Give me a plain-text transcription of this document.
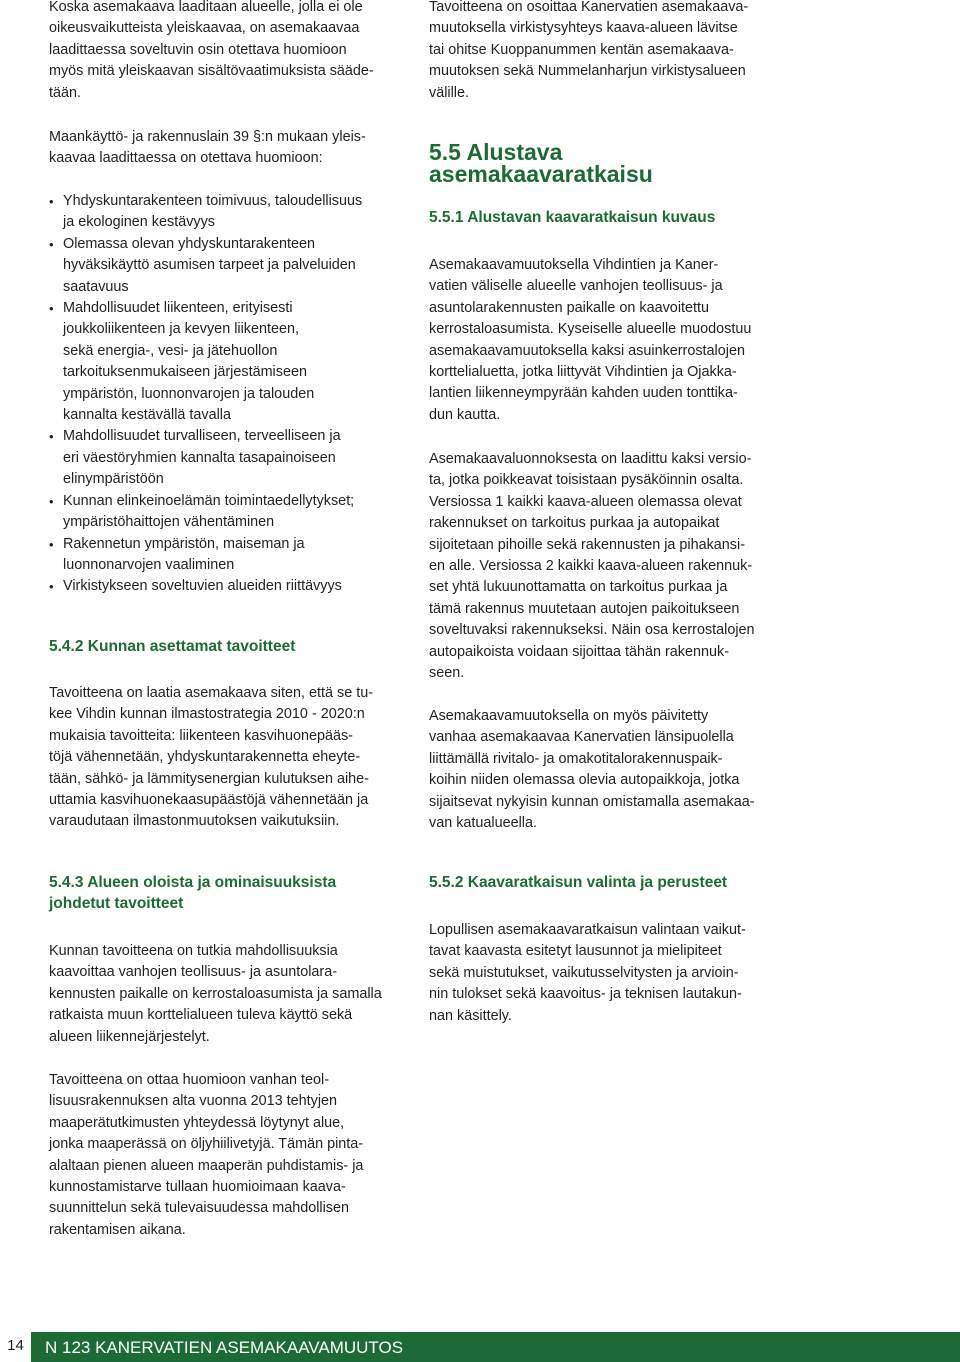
Koska asemakaava laaditaan alueelle, jolla ei ole
oikeusvaikutteista yleiskaavaa, on asemakaavaa
laadittaessa soveltuvin osin otettava huomioon
myös mitä yleiskaavan sisältövaatimuksista sääde-
tään.

Maankäyttö- ja rakennuslain 39 §:n mukaan yleis-
kaavaa laadittaessa on otettava huomioon:

• Yhdyskuntarakenteen toimivuus, taloudellisuus
ja ekologinen kestävyys
• Olemassa olevan yhdyskuntarakenteen
hyväksikäyttö asumisen tarpeet ja palveluiden
saatavuus
• Mahdollisuudet liikenteen, erityisesti
joukkoliikenteen ja kevyen liikenteen,
sekä energia-, vesi- ja jätehuollon
tarkoituksenmukaiseen järjestämiseen
ympäristön, luonnonvarojen ja talouden
kannalta kestävällä tavalla
• Mahdollisuudet turvalliseen, terveelliseen ja
eri väestöryhmien kannalta tasapainoiseen
elinympäristöön
• Kunnan elinkeinoelämän toimintaedellytykset;
ympäristöhaittojen vähentäminen
• Rakennetun ympäristön, maiseman ja
luonnonarvojen vaaliminen
• Virkistykseen soveltuvien alueiden riittävyys
5.4.2 Kunnan asettamat tavoitteet

Tavoitteena on laatia asemakaava siten, että se tu-
kee Vihdin kunnan ilmastostrategia 2010 - 2020:n
mukaisia tavoitteita: liikenteen kasvihuonepääs-
töjä vähennetään, yhdyskuntarakennetta eheyte-
tään, sähkö- ja lämmitysenergian kulutuksen aihe-
uttamia kasvihuonekaasupäästöjä vähennetään ja
varaudutaan ilmastonmuutoksen vaikutuksiin.

5.4.3 Alueen oloista ja ominaisuuksista
johdetut tavoitteet

Kunnan tavoitteena on tutkia mahdollisuuksia
kaavoittaa vanhojen teollisuus- ja asuntolara-
kennusten paikalle on kerrostaloasumista ja samalla
ratkaista muun korttelialueen tuleva käyttö sekä
alueen liikennejärjestelyt.

Tavoitteena on ottaa huomioon vanhan teol-
lisuusrakennuksen alta vuonna 2013 tehtyjen
maaperätutkimusten yhteydessä löytynyt alue,
jonka maaperässä on öljyhiilivetyjä. Tämän pinta-
alaltaan pienen alueen maaperän puhdistamis- ja
kunnostamistarve tullaan huomioimaan kaava-
suunnittelun sekä tulevaisuudessa mahdollisen
rakentamisen aikana.

Tavoitteena on osoittaa Kanervatien asemakaava-
muutoksella virkistysyhteys kaava-alueen lävitse
tai ohitse Kuoppanummen kentän asemakaava-
muutoksen sekä Nummelanharjun virkistysalueen
välille.

5.5 Alustava
asemakaavaratkaisu
5.5.1 Alustavan kaavaratkaisun kuvaus

Asemakaavamuutoksella Vihdintien ja Kaner-
vatien väliselle alueelle vanhojen teollisuus- ja
asuntolarakennusten paikalle on kaavoitettu
kerrostaloasumista. Kyseiselle alueelle muodostuu
asemakaavamuutoksella kaksi asuinkerrostalojen
korttelialuetta, jotka liittyvät Vihdintien ja Ojakka-
lantien liikenneympyrään kahden uuden tonttika-
dun kautta.

Asemakaavaluonnoksesta on laadittu kaksi versio-
ta, jotka poikkeavat toisistaan pysäköinnin osalta.
Versiossa 1 kaikki kaava-alueen olemassa olevat
rakennukset on tarkoitus purkaa ja autopaikat
sijoitetaan pihoille sekä rakennusten ja pihakansi-
en alle. Versiossa 2 kaikki kaava-alueen rakennuk-
set yhtä lukuunottamatta on tarkoitus purkaa ja
tämä rakennus muutetaan autojen paikoitukseen
soveltuvaksi rakennukseksi. Näin osa kerrostalojen
autopaikoista voidaan sijoittaa tähän rakennuk-
seen.

Asemakaavamuutoksella on myös päivitetty
vanhaa asemakaavaa Kanervatien länsipuolella
liittämällä rivitalo- ja omakotitalorakennuspaik-
koihin niiden olemassa olevia autopaikkoja, jotka
sijaitsevat nykyisin kunnan omistamalla asemakaa-
van katualueella.

5.5.2 Kaavaratkaisun valinta ja perusteet

Lopullisen asemakaavaratkaisun valintaan vaikut-
tavat kaavasta esitetyt lausunnot ja mielipiteet
sekä muistutukset, vaikutusselvitysten ja arvioin-
nin tulokset sekä kaavoitus- ja teknisen lautakun-
nan käsittely.

14	N 123 KANERVATIEN ASEMAKAAVAMUUTOS
